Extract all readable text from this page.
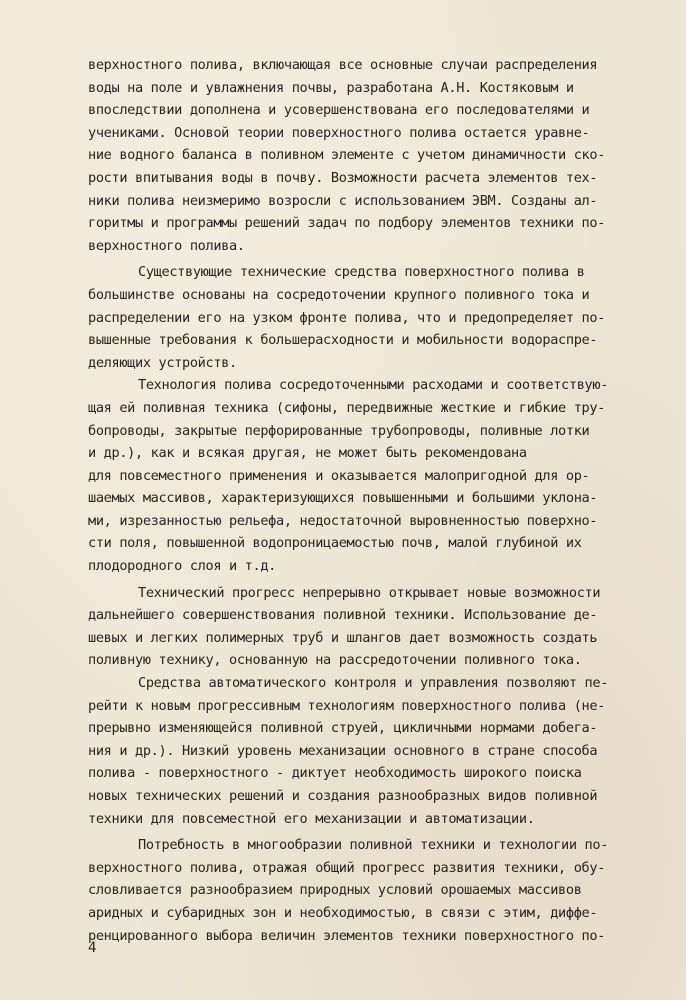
верхностного полива, включающая все основные случаи распределения
воды на поле и увлажнения почвы, разработана А.Н. Костяковым и
впоследствии дополнена и усовершенствована его последователями и
учениками. Основой теории поверхностного полива остается уравне-
ние водного баланса в поливном элементе с учетом динамичности ско-
рости впитывания воды в почву. Возможности расчета элементов тех-
ники полива неизмеримо возросли с использованием ЭВМ. Созданы ал-
горитмы и программы решений задач по подбору элементов техники по-
верхностного полива.
Существующие технические средства поверхностного полива в
большинстве основаны на сосредоточении крупного поливного тока и
распределении его на узком фронте полива, что и предопределяет по-
вышенные требования к большерасходности и мобильности водораспре-
деляющих устройств.
Технология полива сосредоточенными расходами и соответствую-
щая ей поливная техника (сифоны, передвижные жесткие и гибкие тру-
бопроводы, закрытые перфорированные трубопроводы, поливные лотки
и др.), как и всякая другая, не может быть рекомендована
для повсеместного применения и оказывается малопригодной для ор-
шаемых массивов, характеризующихся повышенными и большими уклона-
ми, изрезанностью рельефа, недостаточной выровненностью поверхно-
сти поля, повышенной водопроницаемостью почв, малой глубиной их
плодородного слоя и т.д.
Технический прогресс непрерывно открывает новые возможности
дальнейшего совершенствования поливной техники. Использование де-
шевых и легких полимерных труб и шлангов дает возможность создать
поливную технику, основанную на рассредоточении поливного тока.
Средства автоматического контроля и управления позволяют пе-
рейти к новым прогрессивным технологиям поверхностного полива (не-
прерывно изменяющейся поливной струей, цикличными нормами добега-
ния и др.). Низкий уровень механизации основного в стране способа
полива - поверхностного - диктует необходимость широкого поиска
новых технических решений и создания разнообразных видов поливной
техники для повсеместной его механизации и автоматизации.
Потребность в многообразии поливной техники и технологии по-
верхностного полива, отражая общий прогресс развития техники, обу-
словливается разнообразием природных условий орошаемых массивов
аридных и субаридных зон и необходимостью, в связи с этим, диффе-
ренцированного выбора величин элементов техники поверхностного по-
4
